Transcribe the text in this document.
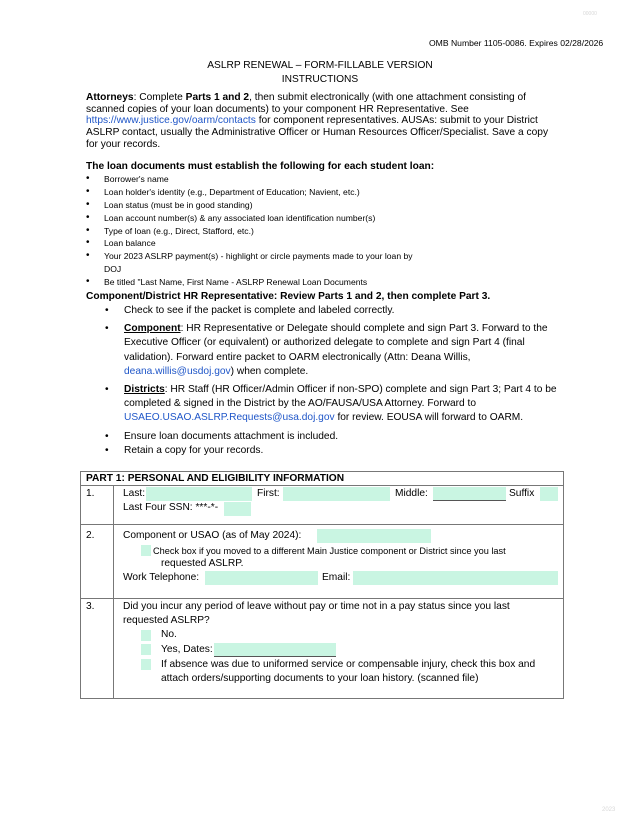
00000
OMB Number 1105-0086. Expires 02/28/2026
ASLRP RENEWAL – FORM-FILLABLE VERSION
INSTRUCTIONS
Attorneys: Complete Parts 1 and 2, then submit electronically (with one attachment consisting of scanned copies of your loan documents) to your component HR Representative. See https://www.justice.gov/oarm/contacts for component representatives. AUSAs: submit to your District ASLRP contact, usually the Administrative Officer or Human Resources Officer/Specialist. Save a copy for your records.
The loan documents must establish the following for each student loan:
• Borrower's name
• Loan holder's identity (e.g., Department of Education; Navient, etc.)
• Loan status (must be in good standing)
• Loan account number(s) & any associated loan identification number(s)
• Type of loan (e.g., Direct, Stafford, etc.)
• Loan balance
• Your 2023 ASLRP payment(s) - highlight or circle payments made to your loan by DOJ
• Be titled "Last Name, First Name - ASLRP Renewal Loan Documents
Component/District HR Representative: Review Parts 1 and 2, then complete Part 3.
• Check to see if the packet is complete and labeled correctly.
• Component: HR Representative or Delegate should complete and sign Part 3. Forward to the Executive Officer (or equivalent) or authorized delegate to complete and sign Part 4 (final validation). Forward entire packet to OARM electronically (Attn: Deana Willis, deana.willis@usdoj.gov) when complete.
• Districts: HR Staff (HR Officer/Admin Officer if non-SPO) complete and sign Part 3; Part 4 to be completed & signed in the District by the AO/FAUSA/USA Attorney. Forward to USAEO.USAO.ASLRP.Requests@usa.doj.gov for review. EOUSA will forward to OARM.
• Ensure loan documents attachment is included.
• Retain a copy for your records.
PART 1: PERSONAL AND ELIGIBILITY INFORMATION
1.	Last:	First:	Middle:	Suffix
Last Four SSN: ***-*-
2.	Component or USAO (as of May 2024):
Check box if you moved to a different Main Justice component or District since you last
requested ASLRP.
Work Telephone:	Email:
3.	Did you incur any period of leave without pay or time not in a pay status since you last
requested ASLRP?
No.
Yes, Dates:
If absence was due to uniformed service or compensable injury, check this box and
attach orders/supporting documents to your loan history. (scanned file)
2023
